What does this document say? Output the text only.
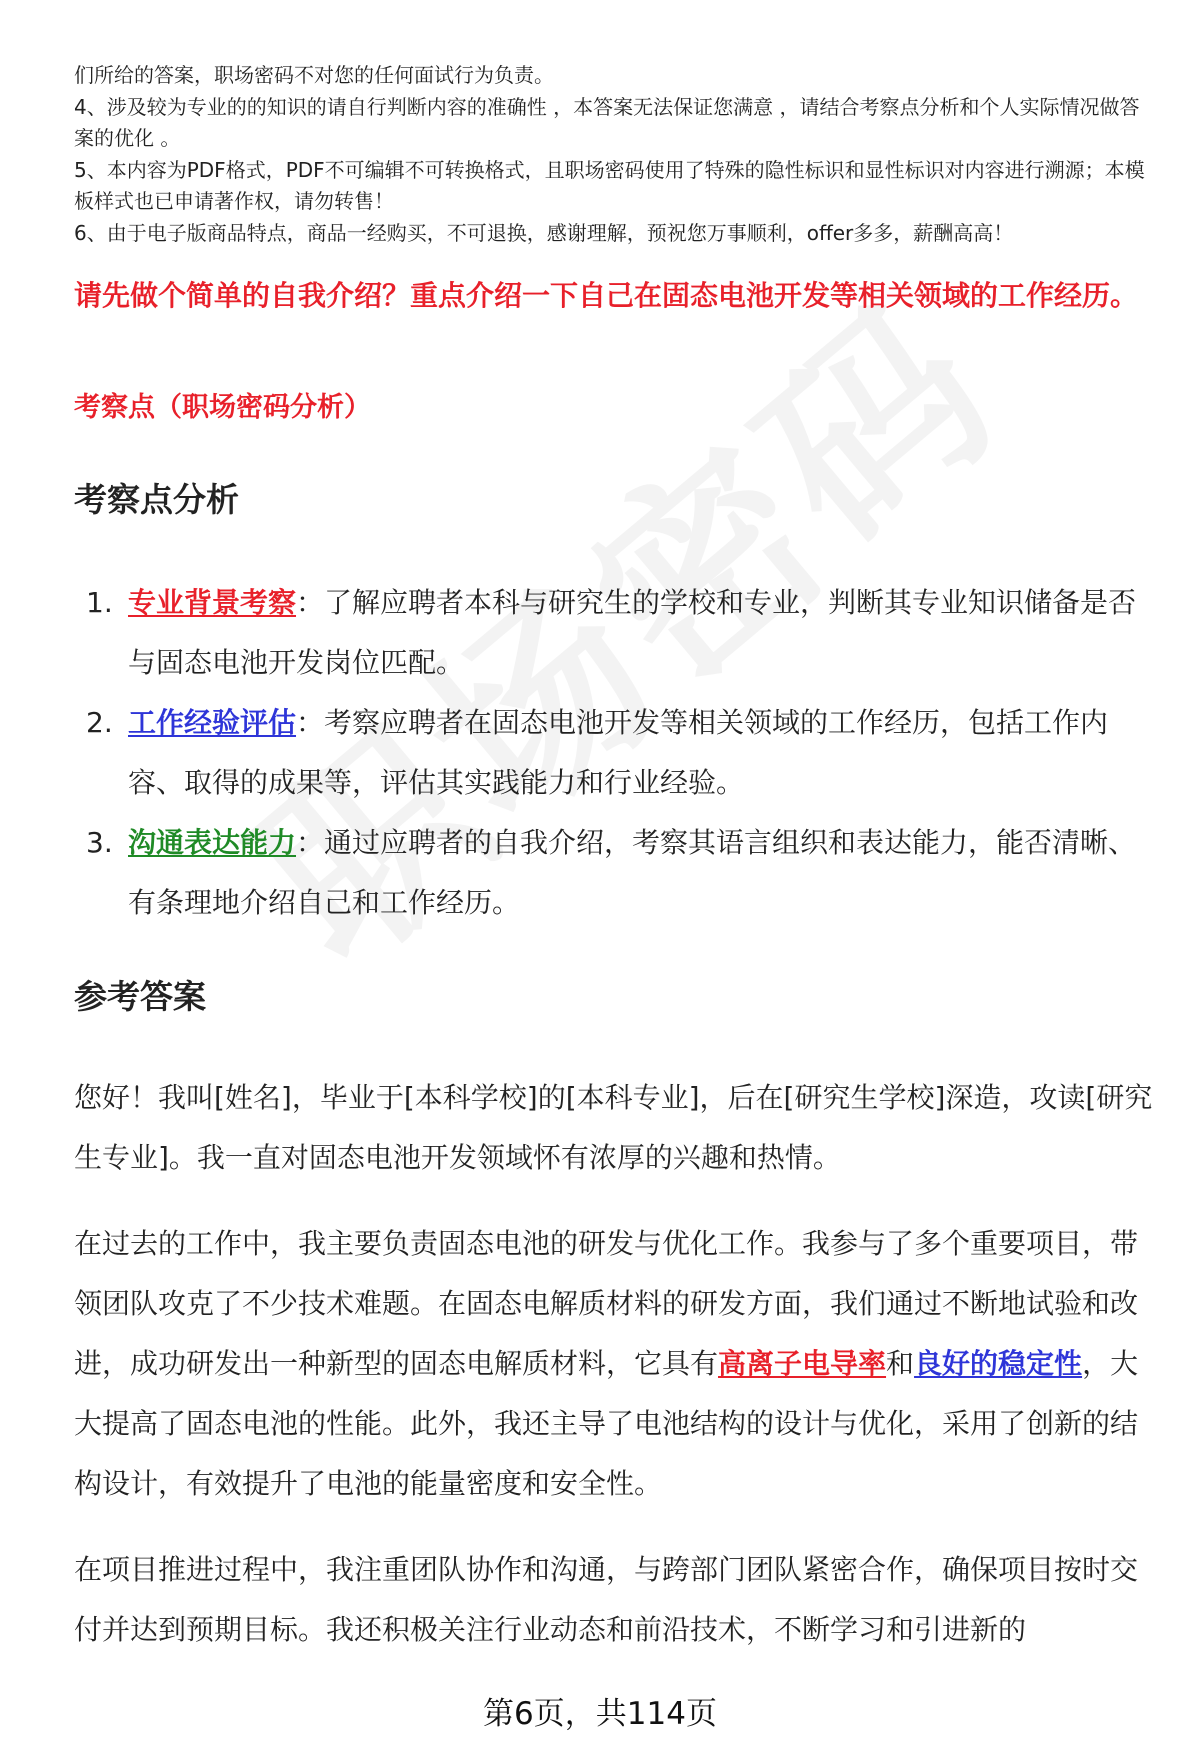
们所给的答案，职场密码不对您的任何面试行为负责。

4、涉及较为专业的的知识的请自行判断内容的准确性 ，本答案无法保证您满意 ，请结合考察点分析和个人实际情况做答案的优化 。

5、本内容为PDF格式，PDF不可编辑不可转换格式，且职场密码使用了特殊的隐性标识和显性标识对内容进行溯源；本模板样式也已申请著作权，请勿转售！

6、由于电子版商品特点，商品一经购买，不可退换，感谢理解，预祝您万事顺利，offer多多，薪酬高高！

请先做个简单的自我介绍？重点介绍一下自己在固态电池开发等相关领域的工作经历。

考察点（职场密码分析）

考察点分析
1. 专业背景考察：了解应聘者本科与研究生的学校和专业，判断其专业知识储备是否与固态电池开发岗位匹配。
2. 工作经验评估：考察应聘者在固态电池开发等相关领域的工作经历，包括工作内容、取得的成果等，评估其实践能力和行业经验。
3. 沟通表达能力：通过应聘者的自我介绍，考察其语言组织和表达能力，能否清晰、有条理地介绍自己和工作经历。
参考答案

您好！我叫[姓名]，毕业于[本科学校]的[本科专业]，后在[研究生学校]深造，攻读[研究生专业]。我一直对固态电池开发领域怀有浓厚的兴趣和热情。

在过去的工作中，我主要负责固态电池的研发与优化工作。我参与了多个重要项目，带领团队攻克了不少技术难题。在固态电解质材料的研发方面，我们通过不断地试验和改进，成功研发出一种新型的固态电解质材料，它具有高离子电导率和良好的稳定性，大大提高了固态电池的性能。此外，我还主导了电池结构的设计与优化，采用了创新的结构设计，有效提升了电池的能量密度和安全性。

在项目推进过程中，我注重团队协作和沟通，与跨部门团队紧密合作，确保项目按时交付并达到预期目标。我还积极关注行业动态和前沿技术，不断学习和引进新的

第6页，共114页
